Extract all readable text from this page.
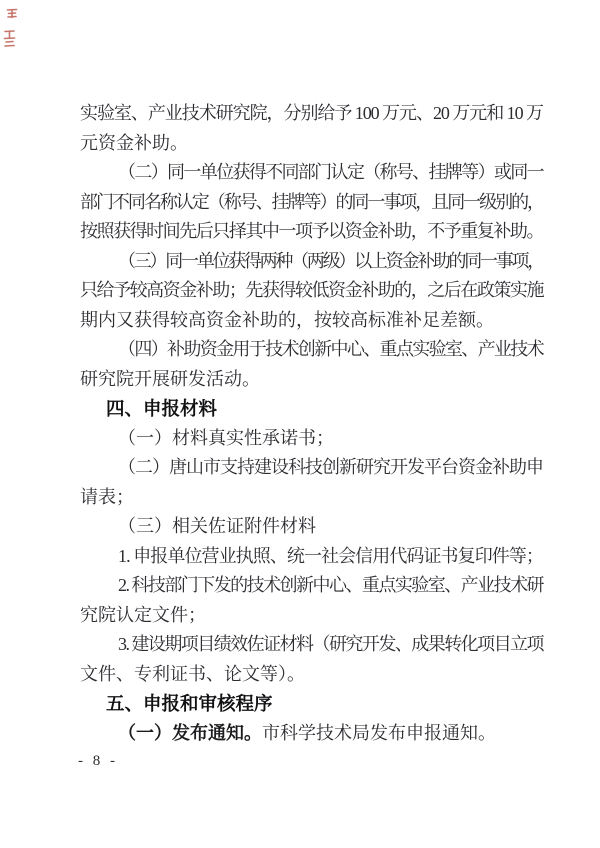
实验室、产业技术研究院，分别给予 100 万元、20 万元和 10 万
元资金补助。
（二）同一单位获得不同部门认定（称号、挂牌等）或同一
部门不同名称认定（称号、挂牌等）的同一事项，且同一级别的，
按照获得时间先后只择其中一项予以资金补助，不予重复补助。
（三）同一单位获得两种（两级）以上资金补助的同一事项，
只给予较高资金补助；先获得较低资金补助的，之后在政策实施
期内又获得较高资金补助的，按较高标准补足差额。
（四）补助资金用于技术创新中心、重点实验室、产业技术
研究院开展研发活动。
四、申报材料
（一）材料真实性承诺书；
（二）唐山市支持建设科技创新研究开发平台资金补助申
请表；
（三）相关佐证附件材料
1. 申报单位营业执照、统一社会信用代码证书复印件等；
2. 科技部门下发的技术创新中心、重点实验室、产业技术研
究院认定文件；
3. 建设期项目绩效佐证材料（研究开发、成果转化项目立项
文件、专利证书、论文等）。
五、申报和审核程序
（一）发布通知。市科学技术局发布申报通知。
- 8 -
